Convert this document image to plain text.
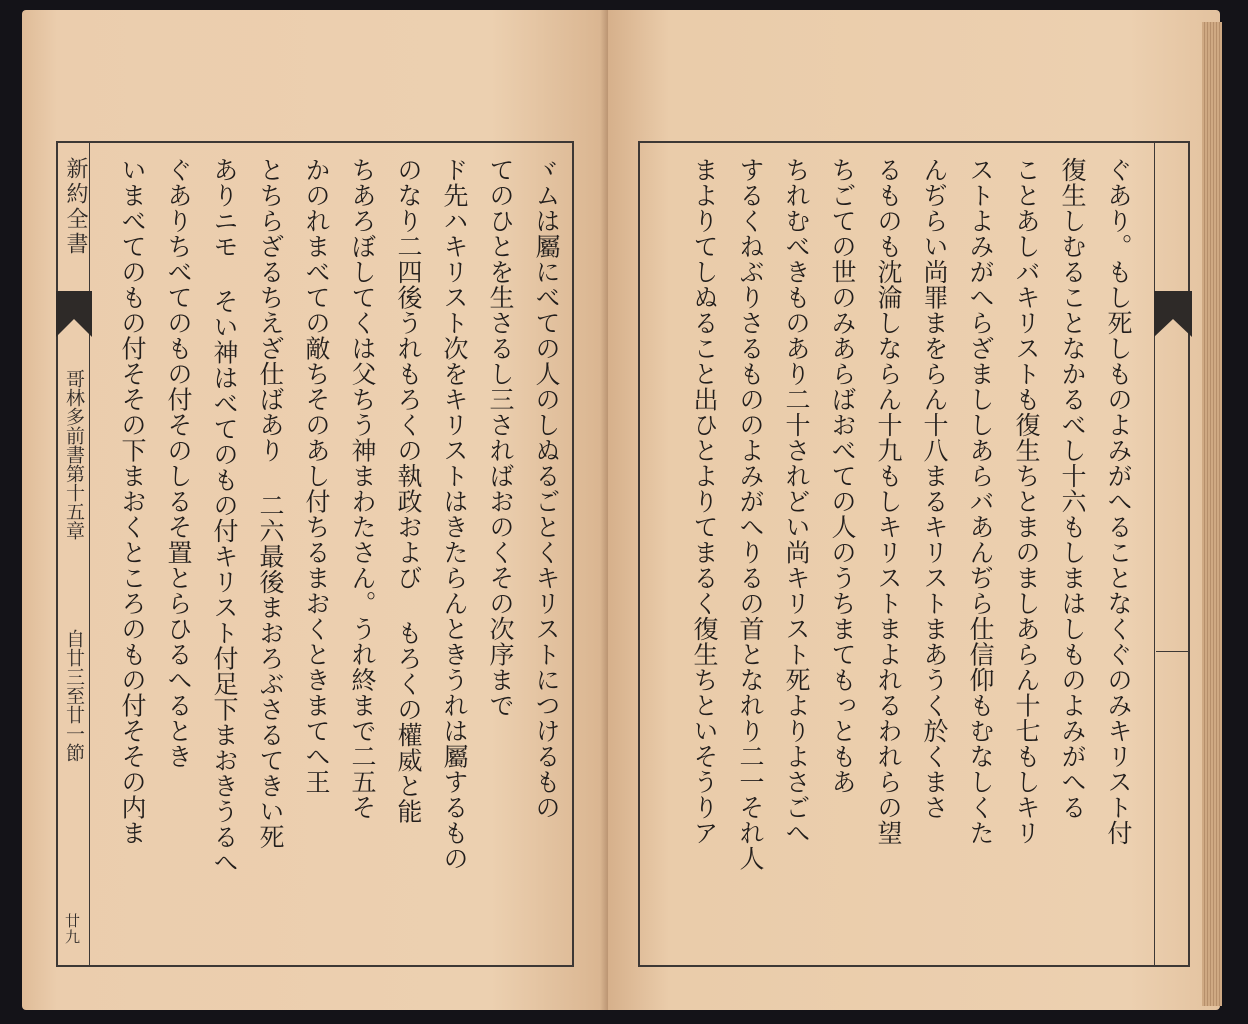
新約全書
哥林多前書第十五章
自廿三至廿一節
廿九
ヾムは屬にべての人のしぬるごとくキリストにつけるもの
てのひとを生さるし三さればおのくその次序まで
ド先ハキリスト次をキリストはきたらんときうれは屬するもの
のなり二四後うれもろくの執政および もろくの權威と能
ちあろぼしてくは父ちう神まわたさん。うれ終まで二五そ
かのれまべての敵ちそのあし付ちるまおくときまてへ王
とちらざるちえざ仕ばあり 二六最後まおろぶさるてきい死
ありニモ そい神はべてのもの付キリスト付足下まおきうるへ
ぐありちべてのもの付そのしるそ置とらひるへるとき
いまべてのもの付そその下まおくところのもの付そその内ま	ぐあり。もし死しものよみがへることなくぐのみキリスト付
復生しむることなかるべし十六もしまはしものよみがへる
ことあしバキリストも復生ちとまのましあらん十七もしキリ
ストよみがへらざまししあらバあんぢら仕信仰もむなしくた
んぢらい尚罪まをらん十八まるキリストまあうく於くまさ
るものも沈淪しならん十九もしキリストまよれるわれらの望
ちごての世のみあらばおべての人のうちまてもっともあ
ちれむべきものあり二十されどい尚キリスト死よりよさごへ
するくねぶりさるもののよみがへりるの首となれり二一それ人
まよりてしぬること出ひとよりてまるく復生ちといそうりア
